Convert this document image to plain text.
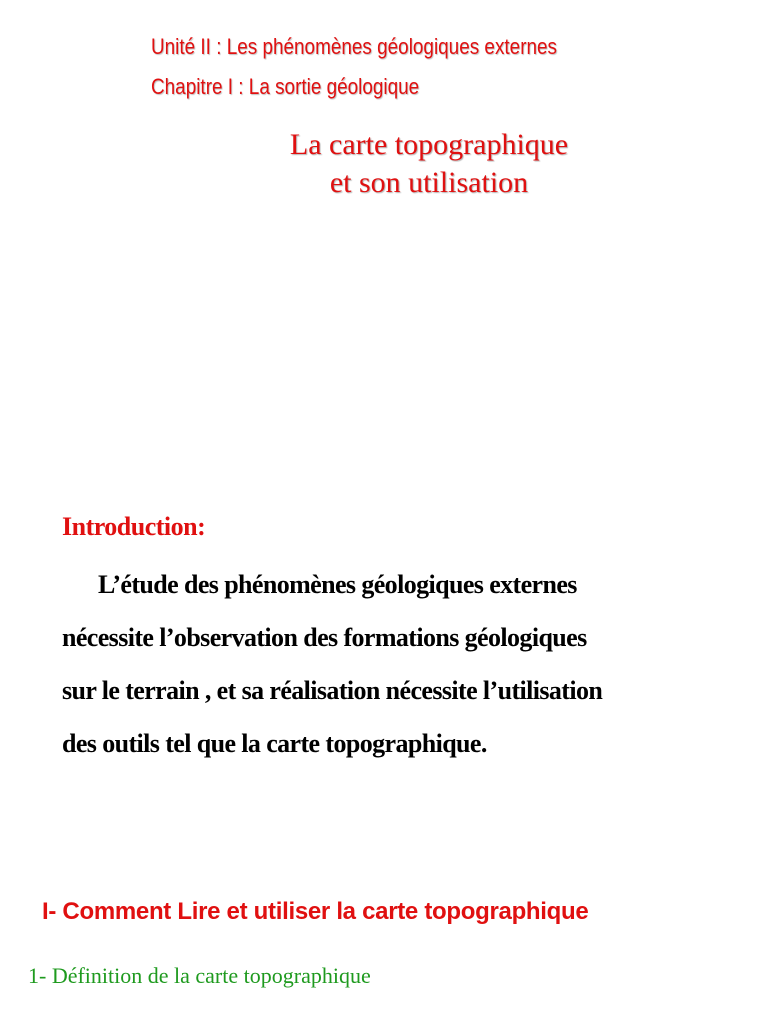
Unité II : Les phénomènes géologiques externes
Chapitre I : La sortie géologique
La carte topographique
et son utilisation
Introduction:
L’étude des phénomènes géologiques externes
nécessite l’observation des formations géologiques
sur le terrain , et sa réalisation nécessite l’utilisation
des outils tel que la carte topographique.
I- Comment Lire et utiliser la carte topographique
1- Définition de la carte topographique
